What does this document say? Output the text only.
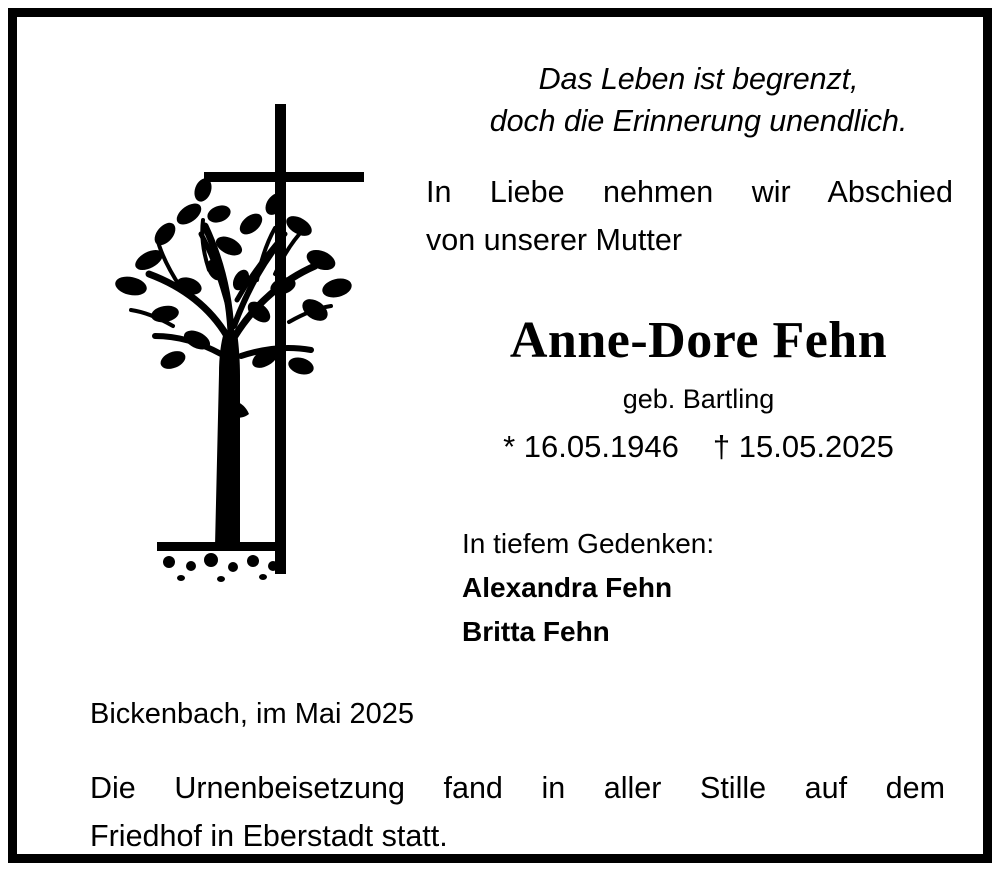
Das Leben ist begrenzt,
doch die Erinnerung unendlich.
In Liebe nehmen wir Abschied
von unserer Mutter
Anne-Dore Fehn
geb. Bartling
* 16.05.1946 † 15.05.2025
In tiefem Gedenken:
Alexandra Fehn
Britta Fehn
Bickenbach, im Mai 2025
Die Urnenbeisetzung fand in aller Stille auf dem
Friedhof in Eberstadt statt.
